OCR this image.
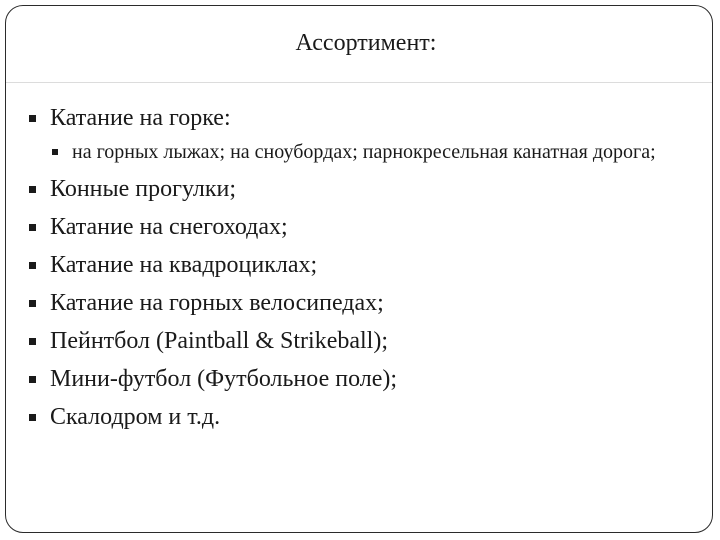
Ассортимент:
Катание на горке:
на горных лыжах; на сноубордах; парнокресельная канатная дорога;
Конные прогулки;
Катание на снегоходах;
Катание на квадроциклах;
Катание на горных велосипедах;
Пейнтбол (Paintball & Strikeball);
Мини-футбол (Футбольное поле);
Скалодром и т.д.
